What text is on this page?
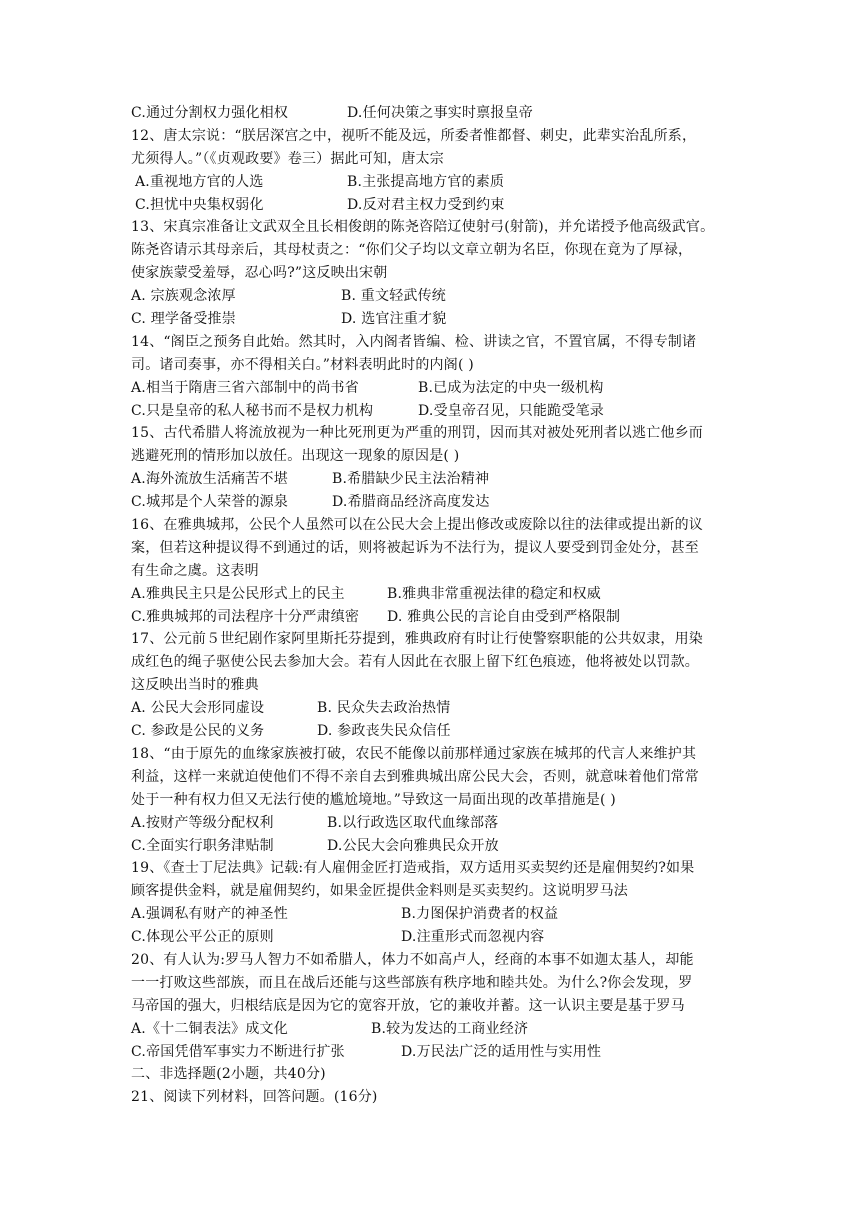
C.通过分割权力强化相权	D.任何决策之事实时禀报皇帝
12、唐太宗说：“朕居深宫之中，视听不能及远，所委者惟都督、刺史，此辈实治乱所系，
尤须得人。”（《贞观政要》卷三）据此可知，唐太宗
A.重视地方官的人选	B.主张提高地方官的素质
C.担忧中央集权弱化	D.反对君主权力受到约束
13、宋真宗准备让文武双全且长相俊朗的陈尧咨陪辽使射弓(射箭)，并允诺授予他高级武官。
陈尧咨请示其母亲后，其母杖责之：“你们父子均以文章立朝为名臣，你现在竟为了厚禄，
使家族蒙受羞辱，忍心吗?”这反映出宋朝
A. 宗族观念浓厚	B. 重文轻武传统
C. 理学备受推崇	D. 选官注重才貌
14、“阁臣之预务自此始。然其时，入内阁者皆编、检、讲读之官，不置官属，不得专制诸
司。诸司奏事，亦不得相关白。”材料表明此时的内阁( )
A.相当于隋唐三省六部制中的尚书省	B.已成为法定的中央一级机构
C.只是皇帝的私人秘书而不是权力机构	D.受皇帝召见，只能跪受笔录
15、古代希腊人将流放视为一种比死刑更为严重的刑罚，因而其对被处死刑者以逃亡他乡而
逃避死刑的情形加以放任。出现这一现象的原因是( )
A.海外流放生活痛苦不堪	B.希腊缺少民主法治精神
C.城邦是个人荣誉的源泉	D.希腊商品经济高度发达
16、在雅典城邦，公民个人虽然可以在公民大会上提出修改或废除以往的法律或提出新的议
案，但若这种提议得不到通过的话，则将被起诉为不法行为，提议人要受到罚金处分，甚至
有生命之虞。这表明
A.雅典民主只是公民形式上的民主	B.雅典非常重视法律的稳定和权威
C.雅典城邦的司法程序十分严肃缜密	D. 雅典公民的言论自由受到严格限制
17、公元前５世纪剧作家阿里斯托芬提到，雅典政府有时让行使警察职能的公共奴隶，用染
成红色的绳子驱使公民去参加大会。若有人因此在衣服上留下红色痕迹，他将被处以罚款。
这反映出当时的雅典
A. 公民大会形同虚设	B. 民众失去政治热情
C. 参政是公民的义务	D. 参政丧失民众信任
18、“由于原先的血缘家族被打破，农民不能像以前那样通过家族在城邦的代言人来维护其
利益，这样一来就迫使他们不得不亲自去到雅典城出席公民大会，否则，就意味着他们常常
处于一种有权力但又无法行使的尴尬境地。”导致这一局面出现的改革措施是( )
A.按财产等级分配权利	B.以行政选区取代血缘部落
C.全面实行职务津贴制	D.公民大会向雅典民众开放
19、《查士丁尼法典》记载:有人雇佣金匠打造戒指，双方适用买卖契约还是雇佣契约?如果
顾客提供金料，就是雇佣契约，如果金匠提供金料则是买卖契约。这说明罗马法
A.强调私有财产的神圣性	B.力图保护消费者的权益
C.体现公平公正的原则	D.注重形式而忽视内容
20、有人认为:罗马人智力不如希腊人，体力不如高卢人，经商的本事不如迦太基人，却能
一一打败这些部族，而且在战后还能与这些部族有秩序地和睦共处。为什么?你会发现，罗
马帝国的强大，归根结底是因为它的宽容开放，它的兼收并蓄。这一认识主要是基于罗马
A.《十二铜表法》成文化	B.较为发达的工商业经济
C.帝国凭借军事实力不断进行扩张	D.万民法广泛的适用性与实用性
二、非选择题(2小题，共40分)
21、阅读下列材料，回答问题。(16分)
